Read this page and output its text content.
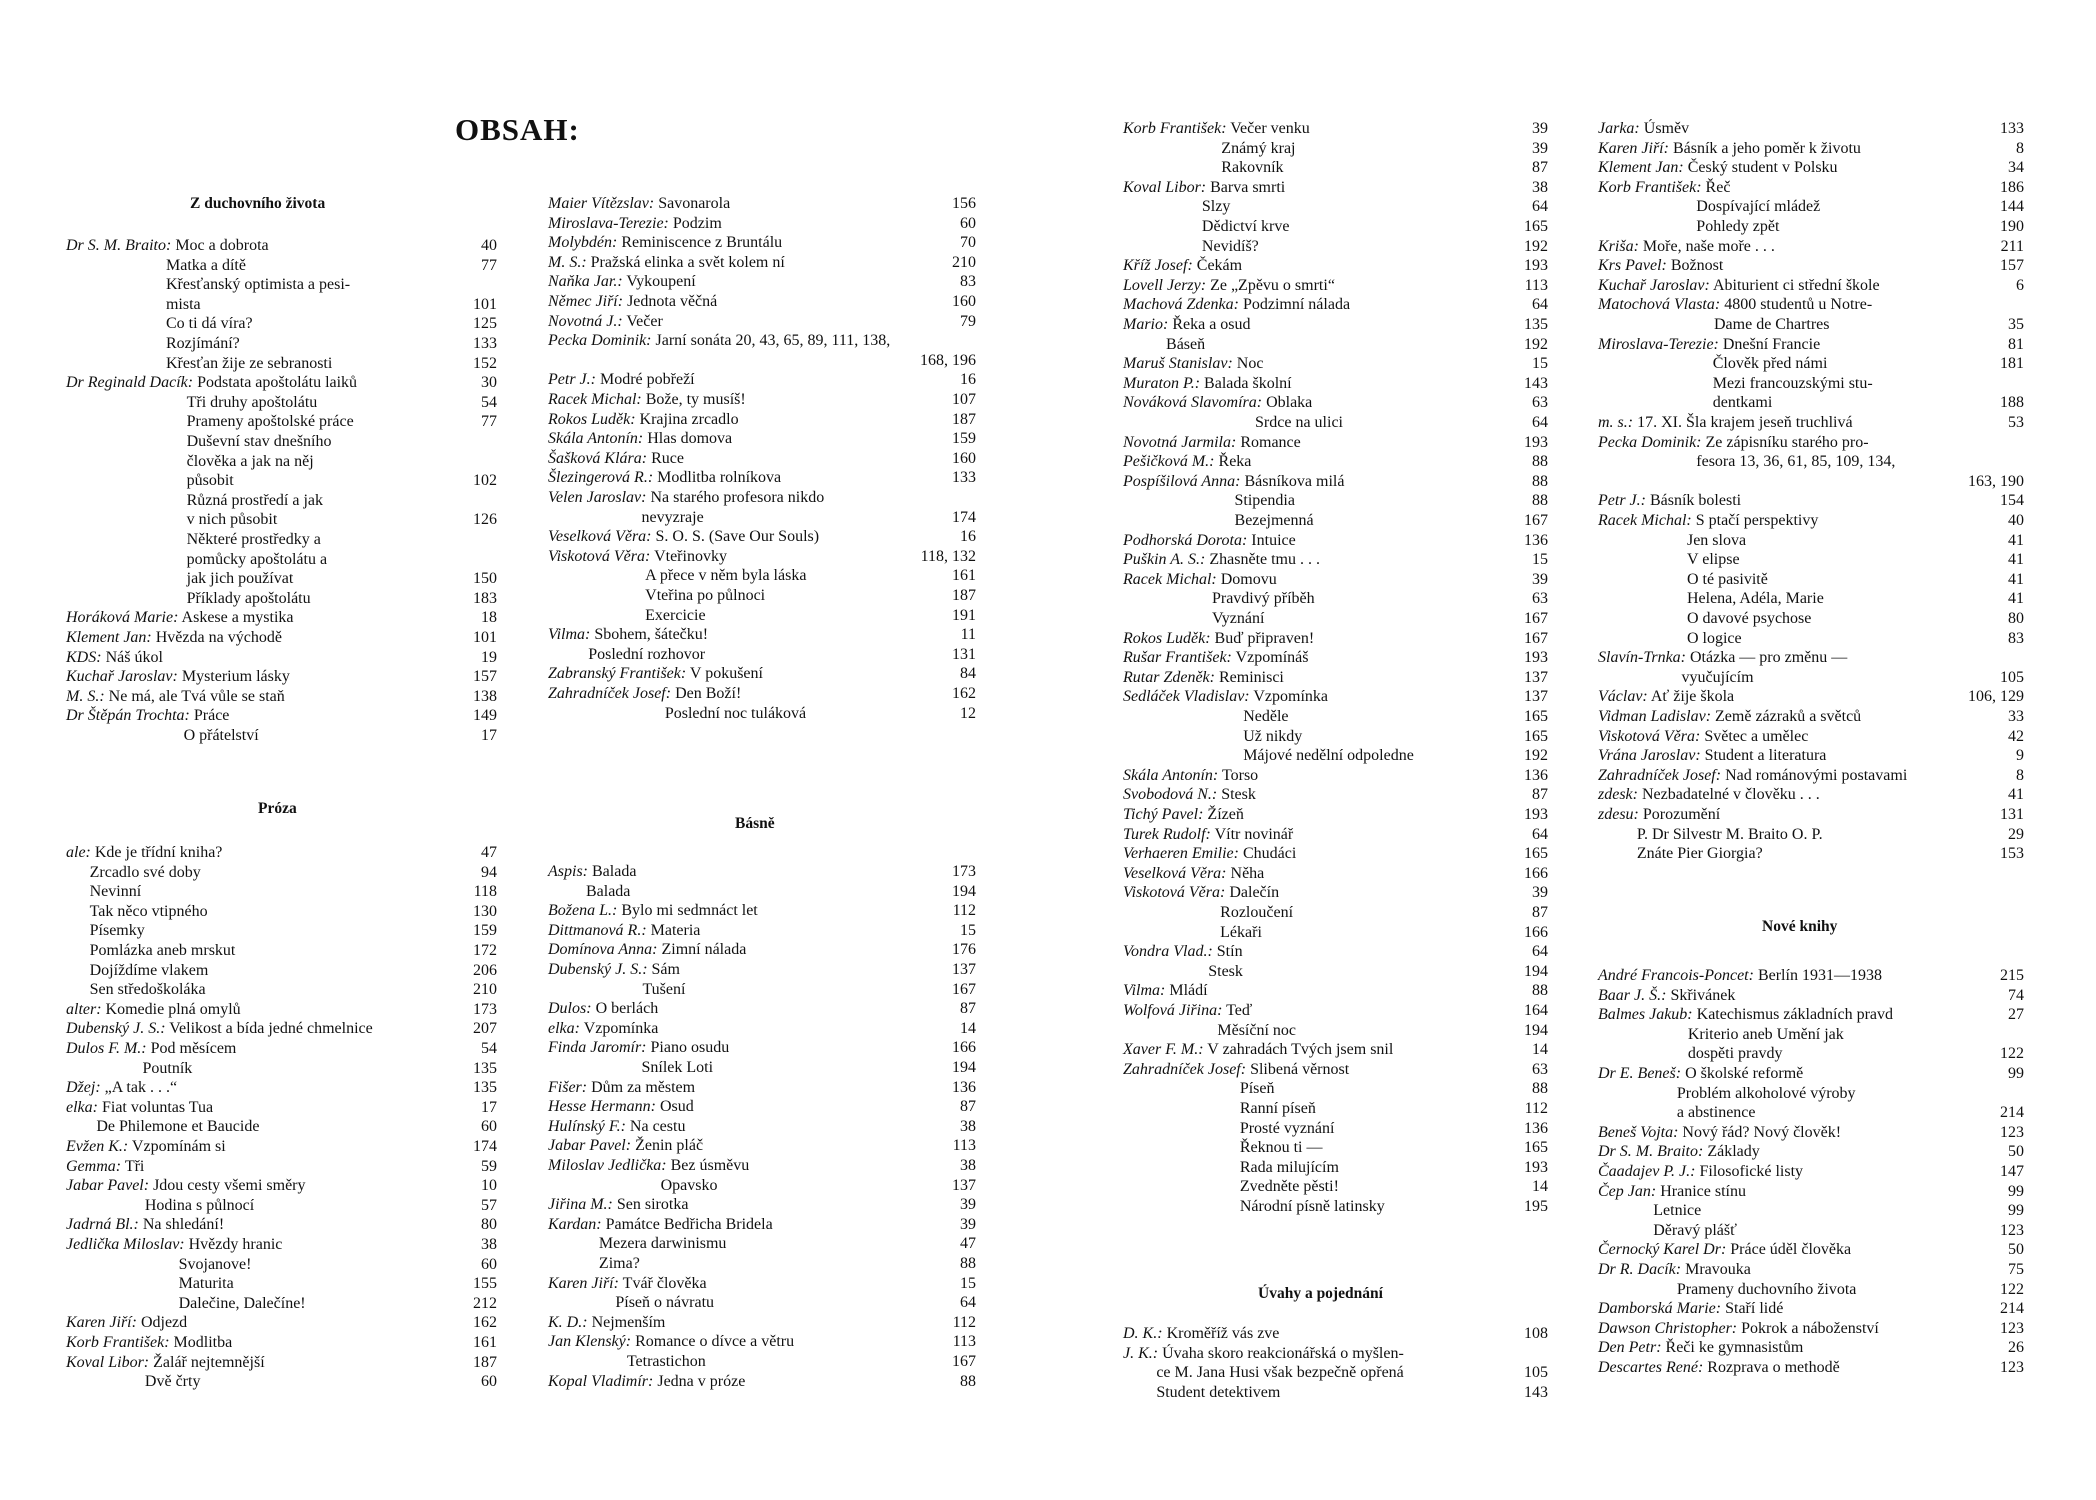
OBSAH:
Z duchovního života
Dr S. M. Braito: Moc a dobrota	40
Matka a dítě	77
Křesťanský optimista a pesi-
mista	101
Co ti dá víra?	125
Rozjímání?	133
Křesťan žije ze sebranosti	152
Dr Reginald Dacík: Podstata apoštolátu laiků	30
Tři druhy apoštolátu	54
Prameny apoštolské práce	77
Duševní stav dnešního
člověka a jak na něj
působit	102
Různá prostředí a jak
v nich působit	126
Některé prostředky a
pomůcky apoštolátu a
jak jich používat	150
Příklady apoštolátu	183
Horáková Marie: Askese a mystika	18
Klement Jan: Hvězda na východě	101
KDS: Náš úkol	19
Kuchař Jaroslav: Mysterium lásky	157
M. S.: Ne má, ale Tvá vůle se staň	138
Dr Štěpán Trochta: Práce	149
O přátelství	17
Próza
ale: Kde je třídní kniha?	47
Zrcadlo své doby	94
Nevinní	118
Tak něco vtipného	130
Písemky	159
Pomlázka aneb mrskut	172
Dojíždíme vlakem	206
Sen středoškoláka	210
alter: Komedie plná omylů	173
Dubenský J. S.: Velikost a bída jedné chmelnice	207
Dulos F. M.: Pod měsícem	54
Poutník	135
Džej: „A tak . . .“	135
elka: Fiat voluntas Tua	17
De Philemone et Baucide	60
Evžen K.: Vzpomínám si	174
Gemma: Tři	59
Jabar Pavel: Jdou cesty všemi směry	10
Hodina s půlnocí	57
Jadrná Bl.: Na shledání!	80
Jedlička Miloslav: Hvězdy hranic	38
Svojanove!	60
Maturita	155
Dalečine, Dalečíne!	212
Karen Jiří: Odjezd	162
Korb František: Modlitba	161
Koval Libor: Žalář nejtemnější	187
Dvě črty	60
Maier Vítězslav: Savonarola	156
Miroslava-Terezie: Podzim	60
Molybdén: Reminiscence z Bruntálu	70
M. S.: Pražská elinka a svět kolem ní	210
Naňka Jar.: Vykoupení	83
Němec Jiří: Jednota věčná	160
Novotná J.: Večer	79
Pecka Dominik: Jarní sonáta 20, 43, 65, 89, 111, 138,
168, 196
Petr J.: Modré pobřeží	16
Racek Michal: Bože, ty musíš!	107
Rokos Luděk: Krajina zrcadlo	187
Skála Antonín: Hlas domova	159
Šašková Klára: Ruce	160
Šlezingerová R.: Modlitba rolníkova	133
Velen Jaroslav: Na starého profesora nikdo
nevyzraje	174
Veselková Věra: S. O. S. (Save Our Souls)	16
Viskotová Věra: Vteřinovky	118, 132
A přece v něm byla láska	161
Vteřina po půlnoci	187
Exercicie	191
Vilma: Sbohem, šátečku!	11
Poslední rozhovor	131
Zabranský František: V pokušení	84
Zahradníček Josef: Den Boží!	162
Poslední noc tuláková	12
Básně
Aspis: Balada	173
Balada	194
Božena L.: Bylo mi sedmnáct let	112
Dittmanová R.: Materia	15
Domínova Anna: Zimní nálada	176
Dubenský J. S.: Sám	137
Tušení	167
Dulos: O berlách	87
elka: Vzpomínka	14
Finda Jaromír: Piano osudu	166
Snílek Loti	194
Fišer: Dům za městem	136
Hesse Hermann: Osud	87
Hulínský F.: Na cestu	38
Jabar Pavel: Ženin pláč	113
Miloslav Jedlička: Bez úsměvu	38
Opavsko	137
Jiřina M.: Sen sirotka	39
Kardan: Památce Bedřicha Bridela	39
Mezera darwinismu	47
Zima?	88
Karen Jiří: Tvář člověka	15
Píseň o návratu	64
K. D.: Nejmenším	112
Jan Klenský: Romance o dívce a větru	113
Tetrastichon	167
Kopal Vladimír: Jedna v próze	88
Korb František: Večer venku	39
Známý kraj	39
Rakovník	87
Koval Libor: Barva smrti	38
Slzy	64
Dědictví krve	165
Nevidíš?	192
Kříž Josef: Čekám	193
Lovell Jerzy: Ze „Zpěvu o smrti“	113
Machová Zdenka: Podzimní nálada	64
Mario: Řeka a osud	135
Báseň	192
Maruš Stanislav: Noc	15
Muraton P.: Balada školní	143
Nováková Slavomíra: Oblaka	63
Srdce na ulici	64
Novotná Jarmila: Romance	193
Pešičková M.: Řeka	88
Pospíšilová Anna: Básníkova milá	88
Stipendia	88
Bezejmenná	167
Podhorská Dorota: Intuice	136
Puškin A. S.: Zhasněte tmu . . .	15
Racek Michal: Domovu	39
Pravdivý příběh	63
Vyznání	167
Rokos Luděk: Buď připraven!	167
Rušar František: Vzpomínáš	193
Rutar Zdeněk: Reminisci	137
Sedláček Vladislav: Vzpomínka	137
Neděle	165
Už nikdy	165
Májové nedělní odpoledne	192
Skála Antonín: Torso	136
Svobodová N.: Stesk	87
Tichý Pavel: Žízeň	193
Turek Rudolf: Vítr novinář	64
Verhaeren Emilie: Chudáci	165
Veselková Věra: Něha	166
Viskotová Věra: Dalečín	39
Rozloučení	87
Lékaři	166
Vondra Vlad.: Stín	64
Stesk	194
Vilma: Mládí	88
Wolfová Jiřina: Teď	164
Měsíční noc	194
Xaver F. M.: V zahradách Tvých jsem snil	14
Zahradníček Josef: Slibená věrnost	63
Píseň	88
Ranní píseň	112
Prosté vyznání	136
Řeknou ti —	165
Rada milujícím	193
Zvedněte pěsti!	14
Národní písně latinsky	195
Úvahy a pojednání
D. K.: Kroměříž vás zve	108
J. K.: Úvaha skoro reakcionářská o myšlen-
ce M. Jana Husi však bezpečně opřená	105
Student detektivem	143
Jarka: Úsměv	133
Karen Jiří: Básník a jeho poměr k životu	8
Klement Jan: Český student v Polsku	34
Korb František: Řeč	186
Dospívající mládež	144
Pohledy zpět	190
Kriša: Moře, naše moře . . .	211
Krs Pavel: Božnost	157
Kuchař Jaroslav: Abiturient ci střední škole	6
Matochová Vlasta: 4800 studentů u Notre-
Dame de Chartres	35
Miroslava-Terezie: Dnešní Francie	81
Člověk před námi	181
Mezi francouzskými stu-
dentkami	188
m. s.: 17. XI. Šla krajem jeseň truchlivá	53
Pecka Dominik: Ze zápisníku starého pro-
fesora 13, 36, 61, 85, 109, 134,
163, 190
Petr J.: Básník bolesti	154
Racek Michal: S ptačí perspektivy	40
Jen slova	41
V elipse	41
O té pasivitě	41
Helena, Adéla, Marie	41
O davové psychose	80
O logice	83
Slavín-Trnka: Otázka — pro změnu —
vyučujícím	105
Václav: Ať žije škola	106, 129
Vidman Ladislav: Země zázraků a světců	33
Viskotová Věra: Světec a umělec	42
Vrána Jaroslav: Student a literatura	9
Zahradníček Josef: Nad románovými postavami	8
zdesk: Nezbadatelné v člověku . . .	41
zdesu: Porozumění	131
P. Dr Silvestr M. Braito O. P.	29
Znáte Pier Giorgia?	153
Nové knihy
André Francois-Poncet: Berlín 1931—1938	215
Baar J. Š.: Skřivánek	74
Balmes Jakub: Katechismus základních pravd	27
Kriterio aneb Umění jak
dospěti pravdy	122
Dr E. Beneš: O školské reformě	99
Problém alkoholové výroby
a abstinence	214
Beneš Vojta: Nový řád? Nový člověk!	123
Dr S. M. Braito: Základy	50
Čaadajev P. J.: Filosofické listy	147
Čep Jan: Hranice stínu	99
Letnice	99
Děravý plášť	123
Černocký Karel Dr: Práce úděl člověka	50
Dr R. Dacík: Mravouka	75
Prameny duchovního života	122
Damborská Marie: Staří lidé	214
Dawson Christopher: Pokrok a náboženství	123
Den Petr: Řeči ke gymnasistům	26
Descartes René: Rozprava o methodě	123
